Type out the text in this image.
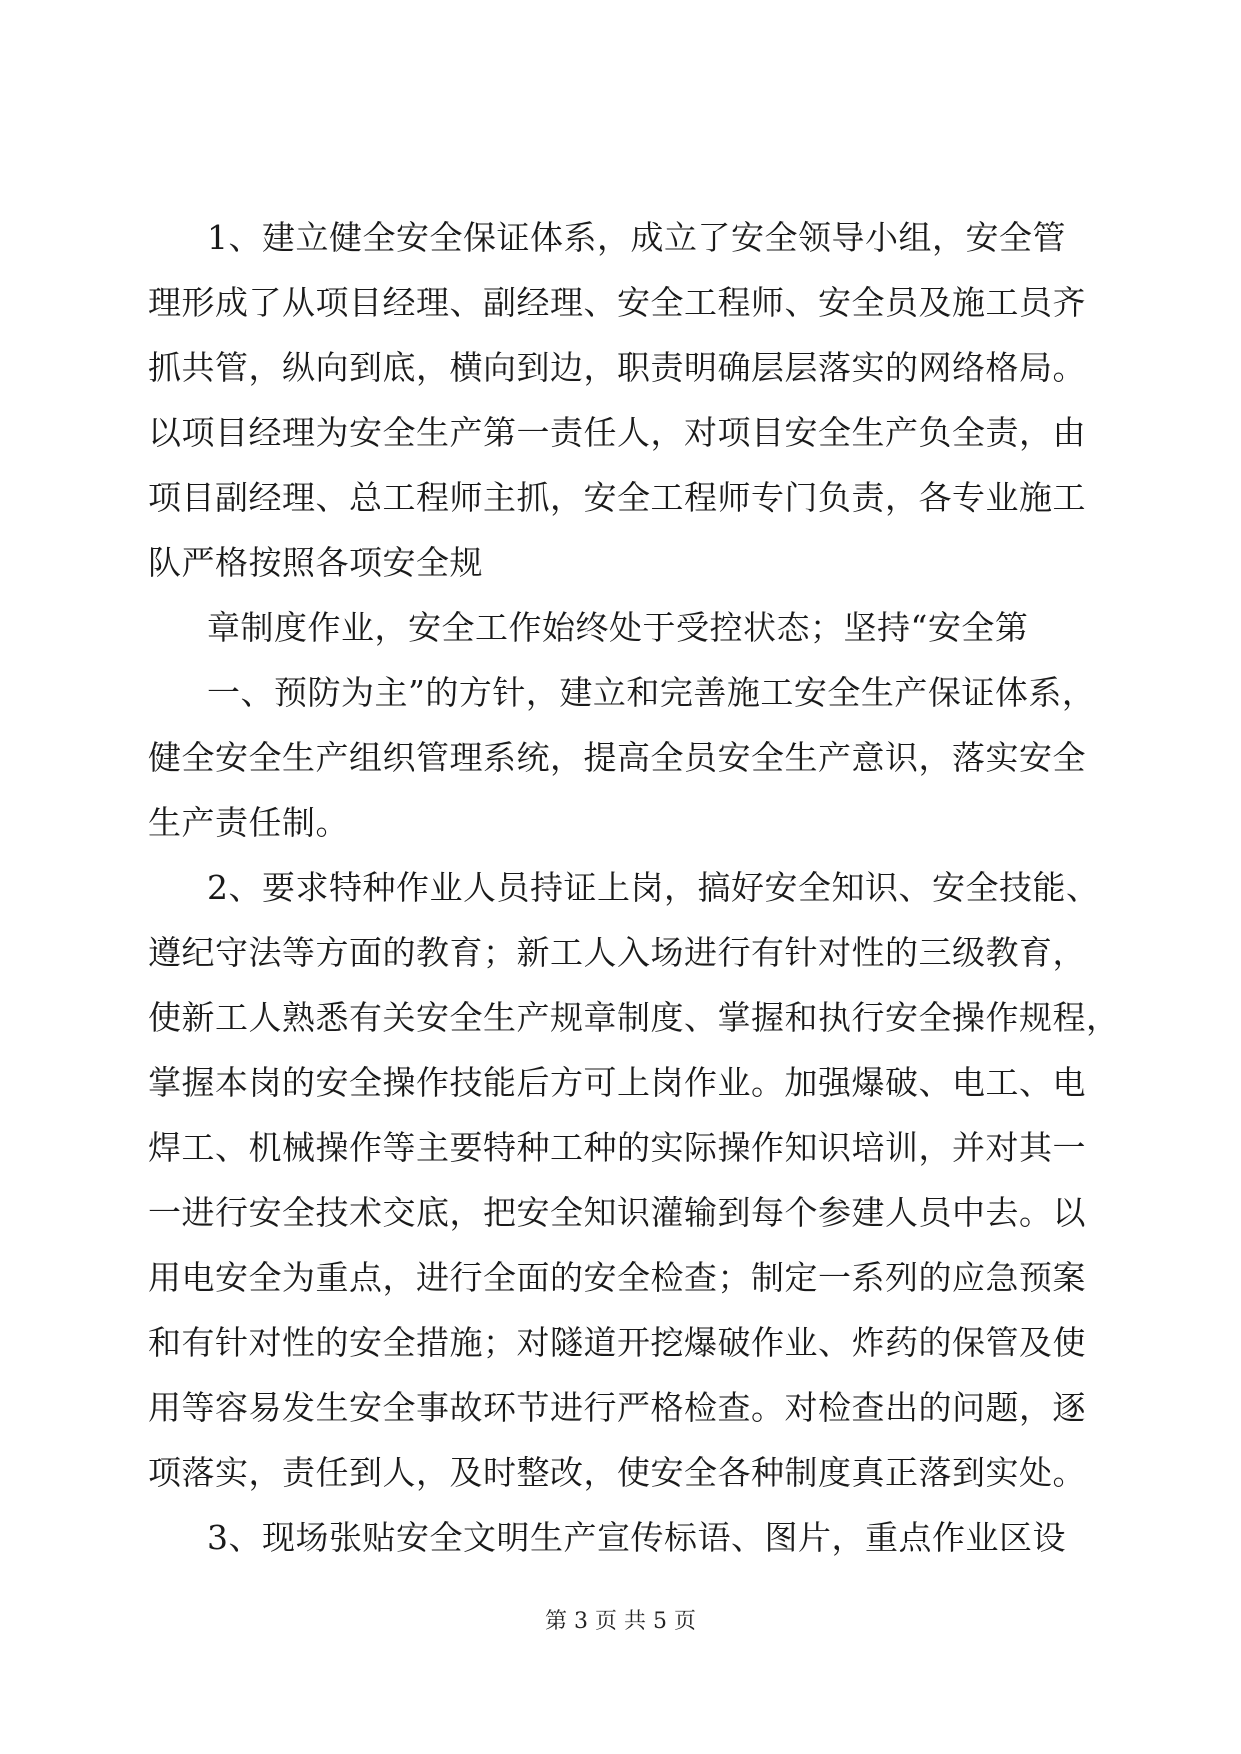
1、建立健全安全保证体系，成立了安全领导小组，安全管
理形成了从项目经理、副经理、安全工程师、安全员及施工员齐
抓共管，纵向到底，横向到边，职责明确层层落实的网络格局。
以项目经理为安全生产第一责任人，对项目安全生产负全责，由
项目副经理、总工程师主抓，安全工程师专门负责，各专业施工
队严格按照各项安全规
章制度作业，安全工作始终处于受控状态；坚持“安全第
一、预防为主”的方针，建立和完善施工安全生产保证体系，
健全安全生产组织管理系统，提高全员安全生产意识，落实安全
生产责任制。
2、要求特种作业人员持证上岗，搞好安全知识、安全技能、
遵纪守法等方面的教育；新工人入场进行有针对性的三级教育，
使新工人熟悉有关安全生产规章制度、掌握和执行安全操作规程，
掌握本岗的安全操作技能后方可上岗作业。加强爆破、电工、电
焊工、机械操作等主要特种工种的实际操作知识培训，并对其一
一进行安全技术交底，把安全知识灌输到每个参建人员中去。以
用电安全为重点，进行全面的安全检查；制定一系列的应急预案
和有针对性的安全措施；对隧道开挖爆破作业、炸药的保管及使
用等容易发生安全事故环节进行严格检查。对检查出的问题，逐
项落实，责任到人，及时整改，使安全各种制度真正落到实处。
3、现场张贴安全文明生产宣传标语、图片，重点作业区设
第 3 页 共 5 页
